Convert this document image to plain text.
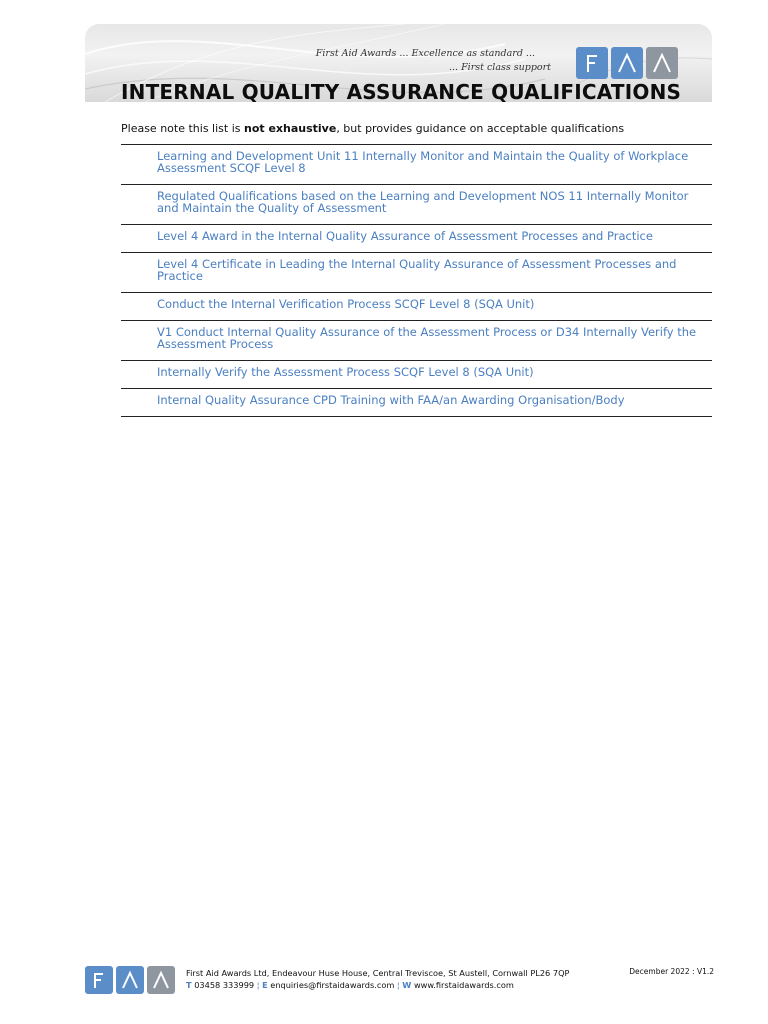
First Aid Awards ... Excellence as standard ...
... First class support
INTERNAL QUALITY ASSURANCE QUALIFICATIONS
Please note this list is not exhaustive, but provides guidance on acceptable qualifications
Learning and Development Unit 11 Internally Monitor and Maintain the Quality of Workplace Assessment SCQF Level 8
Regulated Qualifications based on the Learning and Development NOS 11 Internally Monitor and Maintain the Quality of Assessment
Level 4 Award in the Internal Quality Assurance of Assessment Processes and Practice
Level 4 Certificate in Leading the Internal Quality Assurance of Assessment Processes and Practice
Conduct the Internal Verification Process SCQF Level 8 (SQA Unit)
V1 Conduct Internal Quality Assurance of the Assessment Process or D34 Internally Verify the Assessment Process
Internally Verify the Assessment Process SCQF Level 8 (SQA Unit)
Internal Quality Assurance CPD Training with FAA/an Awarding Organisation/Body
First Aid Awards Ltd, Endeavour Huse House, Central Treviscoe, St Austell, Cornwall PL26 7QP
T 03458 333999 ¦ E enquiries@firstaidawards.com ¦ W www.firstaidawards.com
December 2022 : V1.2
